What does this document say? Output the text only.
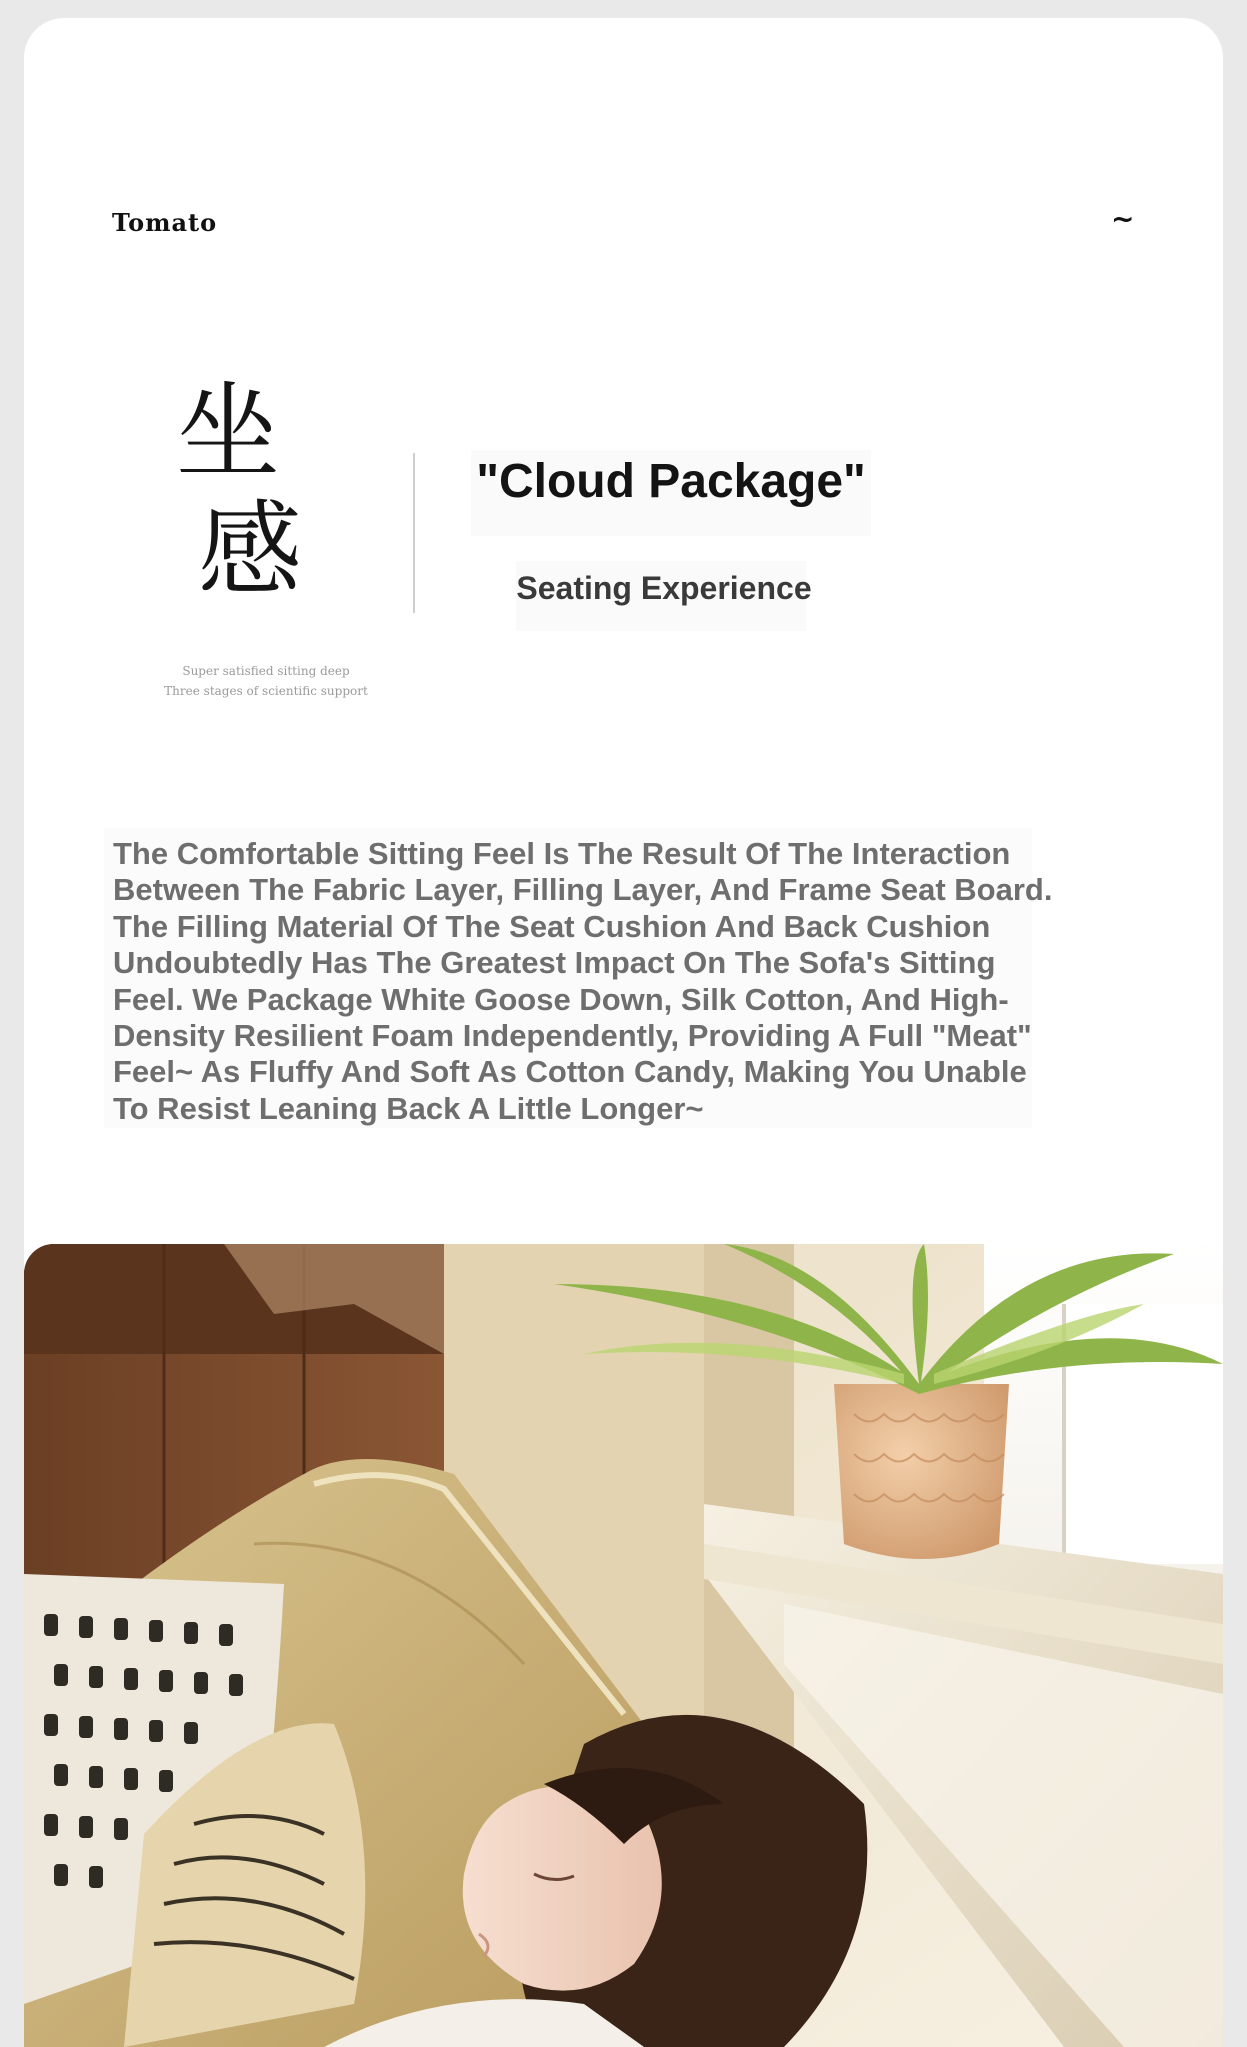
Tomato	~
坐
感
Super satisfied sitting deep
Three stages of scientific support
"Cloud Package"
Seating Experience
The Comfortable Sitting Feel Is The Result Of The Interaction Between The Fabric Layer, Filling Layer, And Frame Seat Board. The Filling Material Of The Seat Cushion And Back Cushion Undoubtedly Has The Greatest Impact On The Sofa's Sitting Feel. We Package White Goose Down, Silk Cotton, And High-Density Resilient Foam Independently, Providing A Full "Meat" Feel~ As Fluffy And Soft As Cotton Candy, Making You Unable To Resist Leaning Back A Little Longer~
